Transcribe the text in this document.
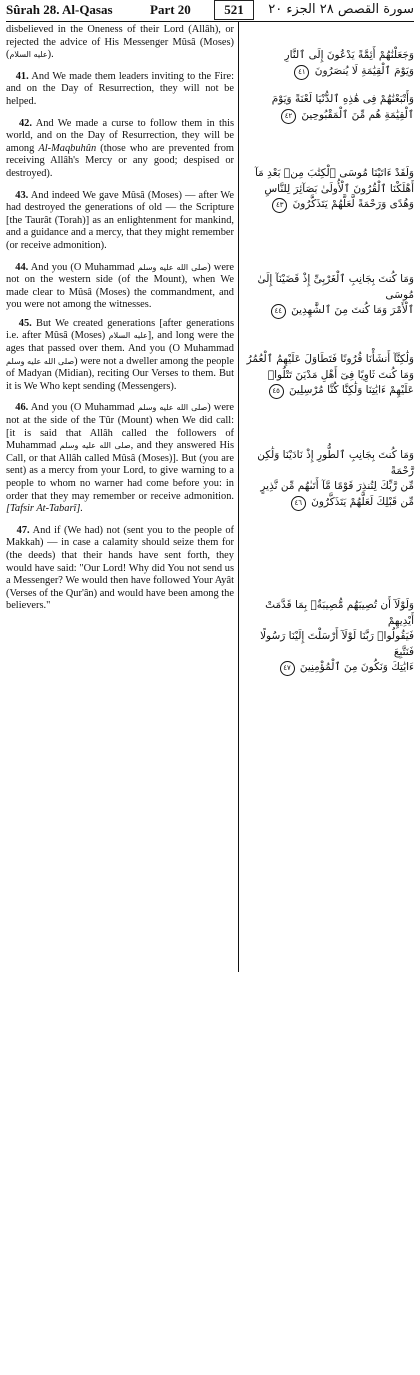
Sûrah 28. Al-Qasas	Part 20	521	سورة القصص ٢٨ الجزء ٢٠

disbelieved in the Oneness of their Lord (Allâh), or rejected the advice of His Messenger Mûsâ (Moses) (عليه السلام).

41. And We made them leaders inviting to the Fire: and on the Day of Resurrection, they will not be helped.

42. And We made a curse to follow them in this world, and on the Day of Resurrection, they will be among Al-Maqbuhûn (those who are prevented from receiving Allâh's Mercy or any good; despised or destroyed).

43. And indeed We gave Mûsâ (Moses) — after We had destroyed the generations of old — the Scripture [the Taurât (Torah)] as an enlightenment for mankind, and a guidance and a mercy, that they might remember (or receive admonition).

44. And you (O Muhammad صلى الله عليه وسلم) were not on the western side (of the Mount), when We made clear to Mûsâ (Moses) the commandment, and you were not among the witnesses.

45. But We created generations [after generations i.e. after Mûsâ (Moses) عليه السلام], and long were the ages that passed over them. And you (O Muhammad صلى الله عليه وسلم) were not a dweller among the people of Madyan (Midian), reciting Our Verses to them. But it is We Who kept sending (Messengers).

46. And you (O Muhammad صلى الله عليه وسلم) were not at the side of the Tûr (Mount) when We did call: [it is said that Allâh called the followers of Muhammad صلى الله عليه وسلم, and they answered His Call, or that Allâh called Mûsâ (Moses)]. But (you are sent) as a mercy from your Lord, to give warning to a people to whom no warner had come before you: in order that they may remember or receive admonition. [Tafsir At-Tabarî].

47. And if (We had) not (sent you to the people of Makkah) — in case a calamity should seize them for (the deeds) that their hands have sent forth, they would have said: "Our Lord! Why did You not send us a Messenger? We would then have followed Your Ayât (Verses of the Qur'ân) and would have been among the believers."

وَجَعَلْنَٰهُمْ أَئِمَّةً يَدْعُونَ إِلَى ٱلنَّارِ
وَيَوْمَ ٱلْقِيَٰمَةِ لَا يُنصَرُونَ ٤١
وَأَتْبَعْنَٰهُمْ فِى هَٰذِهِ ٱلدُّنْيَا لَعْنَةً وَيَوْمَ
ٱلْقِيَٰمَةِ هُم مِّنَ ٱلْمَقْبُوحِينَ ٤٢
وَلَقَدْ ءَاتَيْنَا مُوسَى ٱلْكِتَٰبَ مِنۢ بَعْدِ مَآ
أَهْلَكْنَا ٱلْقُرُونَ ٱلْأُولَىٰ بَصَآئِرَ لِلنَّاسِ
وَهُدًى وَرَحْمَةً لَّعَلَّهُمْ يَتَذَكَّرُونَ ٤٣
وَمَا كُنتَ بِجَانِبِ ٱلْغَرْبِىِّ إِذْ قَضَيْنَآ إِلَىٰ مُوسَى
ٱلْأَمْرَ وَمَا كُنتَ مِنَ ٱلشَّٰهِدِينَ ٤٤
وَلَٰكِنَّآ أَنشَأْنَا قُرُونًا فَتَطَاوَلَ عَلَيْهِمُ ٱلْعُمُرُ
وَمَا كُنتَ ثَاوِيًا فِىٓ أَهْلِ مَدْيَنَ تَتْلُوا۟
عَلَيْهِمْ ءَايَٰتِنَا وَلَٰكِنَّا كُنَّا مُرْسِلِينَ ٤٥
وَمَا كُنتَ بِجَانِبِ ٱلطُّورِ إِذْ نَادَيْنَا وَلَٰكِن رَّحْمَةً
مِّن رَّبِّكَ لِتُنذِرَ قَوْمًا مَّآ أَتَىٰهُم مِّن نَّذِيرٍ
مِّن قَبْلِكَ لَعَلَّهُمْ يَتَذَكَّرُونَ ٤٦
وَلَوْلَآ أَن تُصِيبَهُم مُّصِيبَةٌۢ بِمَا قَدَّمَتْ أَيْدِيهِمْ
فَيَقُولُوا۟ رَبَّنَا لَوْلَآ أَرْسَلْتَ إِلَيْنَا رَسُولًا فَنَتَّبِعَ
ءَايَٰتِكَ وَنَكُونَ مِنَ ٱلْمُؤْمِنِينَ ٤٧
